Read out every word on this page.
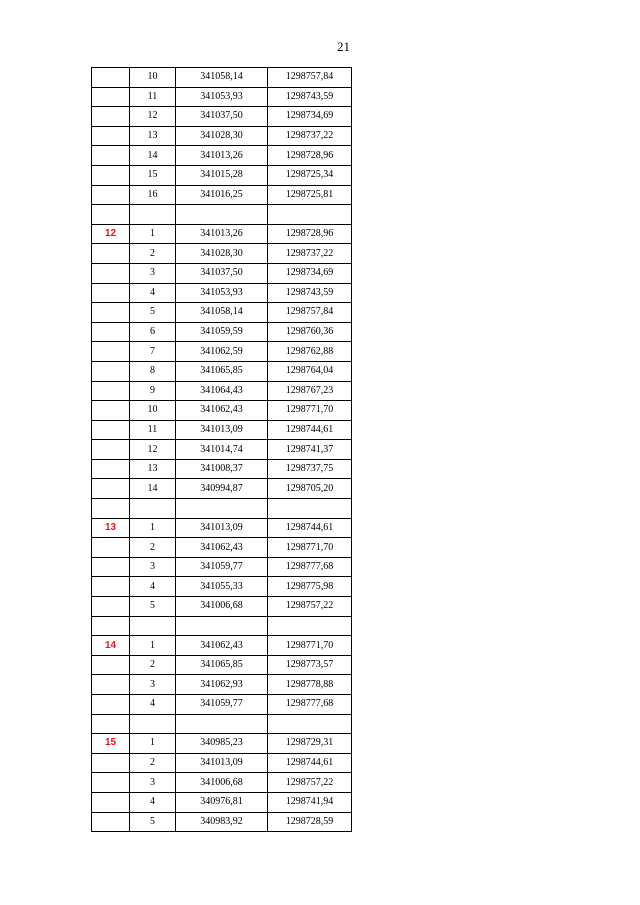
21
	10	341058,14	1298757,84
	11	341053,93	1298743,59
	12	341037,50	1298734,69
	13	341028,30	1298737,22
	14	341013,26	1298728,96
	15	341015,28	1298725,34
	16	341016,25	1298725,81

12	1	341013,26	1298728,96
	2	341028,30	1298737,22
	3	341037,50	1298734,69
	4	341053,93	1298743,59
	5	341058,14	1298757,84
	6	341059,59	1298760,36
	7	341062,59	1298762,88
	8	341065,85	1298764,04
	9	341064,43	1298767,23
	10	341062,43	1298771,70
	11	341013,09	1298744,61
	12	341014,74	1298741,37
	13	341008,37	1298737,75
	14	340994,87	1298705,20

13	1	341013,09	1298744,61
	2	341062,43	1298771,70
	3	341059,77	1298777,68
	4	341055,33	1298775,98
	5	341006,68	1298757,22

14	1	341062,43	1298771,70
	2	341065,85	1298773,57
	3	341062,93	1298778,88
	4	341059,77	1298777,68

15	1	340985,23	1298729,31
	2	341013,09	1298744,61
	3	341006,68	1298757,22
	4	340976,81	1298741,94
	5	340983,92	1298728,59
